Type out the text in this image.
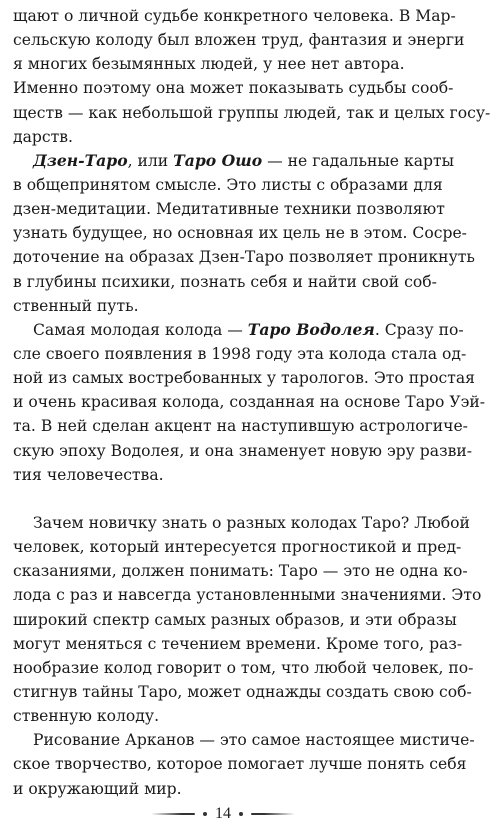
щают о личной судьбе конкретного человека. В Мар-
сельскую колоду был вложен труд, фантазия и энерги
я многих безымянных людей, у нее нет автора.
Именно поэтому она может показывать судьбы сооб-
ществ — как небольшой группы людей, так и целых госу-
дарств.
Дзен-Таро, или Таро Ошо — не гадальные карты
в общепринятом смысле. Это листы с образами для
дзен-медитации. Медитативные техники позволяют
узнать будущее, но основная их цель не в этом. Сосре-
доточение на образах Дзен-Таро позволяет проникнуть
в глубины психики, познать себя и найти свой соб-
ственный путь.
Самая молодая колода — Таро Водолея. Сразу по-
сле своего появления в 1998 году эта колода стала од-
ной из самых востребованных у тарологов. Это простая
и очень красивая колода, созданная на основе Таро Уэй-
та. В ней сделан акцент на наступившую астрологиче-
скую эпоху Водолея, и она знаменует новую эру разви-
тия человечества.
Зачем новичку знать о разных колодах Таро? Любой
человек, который интересуется прогностикой и пред-
сказаниями, должен понимать: Таро — это не одна ко-
лода с раз и навсегда установленными значениями. Это
широкий спектр самых разных образов, и эти образы
могут меняться с течением времени. Кроме того, раз-
нообразие колод говорит о том, что любой человек, по-
стигнув тайны Таро, может однажды создать свою соб-
ственную колоду.
Рисование Арканов — это самое настоящее мистиче-
ское творчество, которое помогает лучше понять себя
и окружающий мир.
14
